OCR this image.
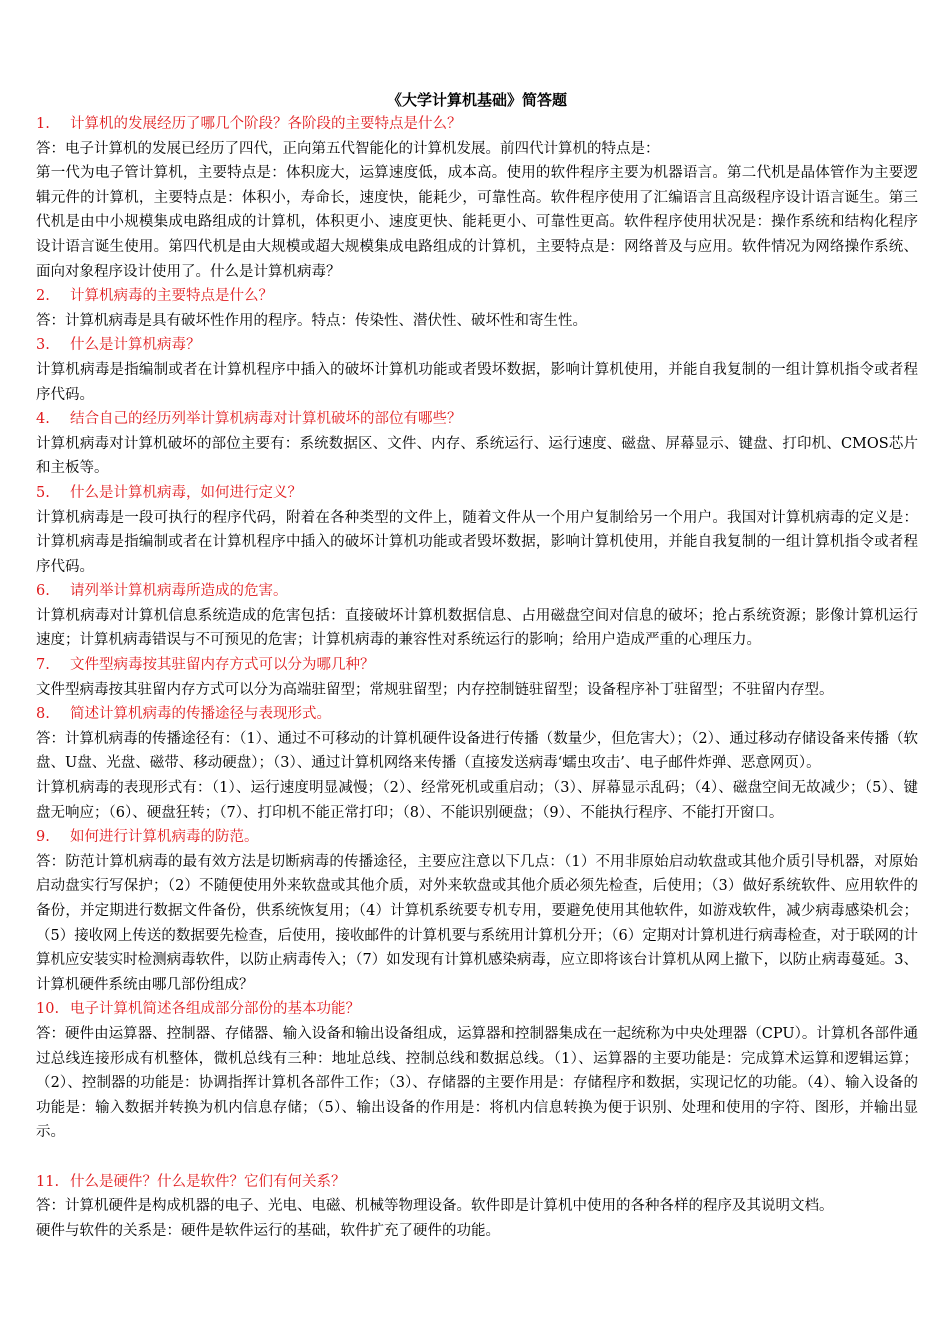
《大学计算机基础》简答题

1.	计算机的发展经历了哪几个阶段？各阶段的主要特点是什么？

答：电子计算机的发展已经历了四代，正向第五代智能化的计算机发展。前四代计算机的特点是：

第一代为电子管计算机，主要特点是：体积庞大，运算速度低，成本高。使用的软件程序主要为机器语言。第二代机是晶体管作为主要逻辑元件的计算机，主要特点是：体积小，寿命长，速度快，能耗少，可靠性高。软件程序使用了汇编语言且高级程序设计语言诞生。第三代机是由中小规模集成电路组成的计算机，体积更小、速度更快、能耗更小、可靠性更高。软件程序使用状况是：操作系统和结构化程序设计语言诞生使用。第四代机是由大规模或超大规模集成电路组成的计算机，主要特点是：网络普及与应用。软件情况为网络操作系统、面向对象程序设计使用了。什么是计算机病毒？

2.	计算机病毒的主要特点是什么？

答：计算机病毒是具有破坏性作用的程序。特点：传染性、潜伏性、破坏性和寄生性。

3.	什么是计算机病毒？

计算机病毒是指编制或者在计算机程序中插入的破坏计算机功能或者毁坏数据，影响计算机使用，并能自我复制的一组计算机指令或者程序代码。

4.	结合自己的经历列举计算机病毒对计算机破坏的部位有哪些？

计算机病毒对计算机破坏的部位主要有：系统数据区、文件、内存、系统运行、运行速度、磁盘、屏幕显示、键盘、打印机、CMOS芯片和主板等。

5.	什么是计算机病毒，如何进行定义？

计算机病毒是一段可执行的程序代码，附着在各种类型的文件上，随着文件从一个用户复制给另一个用户。我国对计算机病毒的定义是：计算机病毒是指编制或者在计算机程序中插入的破坏计算机功能或者毁坏数据，影响计算机使用，并能自我复制的一组计算机指令或者程序代码。

6.	请列举计算机病毒所造成的危害。

计算机病毒对计算机信息系统造成的危害包括：直接破坏计算机数据信息、占用磁盘空间对信息的破坏；抢占系统资源；影像计算机运行速度；计算机病毒错误与不可预见的危害；计算机病毒的兼容性对系统运行的影响；给用户造成严重的心理压力。

7.	文件型病毒按其驻留内存方式可以分为哪几种？

文件型病毒按其驻留内存方式可以分为高端驻留型；常规驻留型；内存控制链驻留型；设备程序补丁驻留型；不驻留内存型。

8.	简述计算机病毒的传播途径与表现形式。

答：计算机病毒的传播途径有：（1）、通过不可移动的计算机硬件设备进行传播（数量少，但危害大）；（2）、通过移动存储设备来传播（软盘、U盘、光盘、磁带、移动硬盘）；（3）、通过计算机网络来传播（直接发送病毒‘蠕虫攻击’、电子邮件炸弹、恶意网页）。

计算机病毒的表现形式有：（1）、运行速度明显减慢；（2）、经常死机或重启动；（3）、屏幕显示乱码；（4）、磁盘空间无故减少；（5）、键盘无响应；（6）、硬盘狂转；（7）、打印机不能正常打印；（8）、不能识别硬盘；（9）、不能执行程序、不能打开窗口。

9.	如何进行计算机病毒的防范。

答：防范计算机病毒的最有效方法是切断病毒的传播途径，主要应注意以下几点：（1）不用非原始启动软盘或其他介质引导机器，对原始启动盘实行写保护；（2）不随便使用外来软盘或其他介质，对外来软盘或其他介质必须先检查，后使用；（3）做好系统软件、应用软件的备份，并定期进行数据文件备份，供系统恢复用；（4）计算机系统要专机专用，要避免使用其他软件，如游戏软件，减少病毒感染机会；（5）接收网上传送的数据要先检查，后使用，接收邮件的计算机要与系统用计算机分开；（6）定期对计算机进行病毒检查，对于联网的计算机应安装实时检测病毒软件，以防止病毒传入；（7）如发现有计算机感染病毒，应立即将该台计算机从网上撤下，以防止病毒蔓延。3、计算机硬件系统由哪几部份组成？

10. 电子计算机简述各组成部分部份的基本功能？

答：硬件由运算器、控制器、存储器、输入设备和输出设备组成，运算器和控制器集成在一起统称为中央处理器（CPU）。计算机各部件通过总线连接形成有机整体，微机总线有三种：地址总线、控制总线和数据总线。（1）、运算器的主要功能是：完成算术运算和逻辑运算；（2）、控制器的功能是：协调指挥计算机各部件工作；（3）、存储器的主要作用是：存储程序和数据，实现记忆的功能。（4）、输入设备的功能是：输入数据并转换为机内信息存储；（5）、输出设备的作用是：将机内信息转换为便于识别、处理和使用的字符、图形，并输出显示。

11. 什么是硬件？什么是软件？它们有何关系？

答：计算机硬件是构成机器的电子、光电、电磁、机械等物理设备。软件即是计算机中使用的各种各样的程序及其说明文档。

硬件与软件的关系是：硬件是软件运行的基础，软件扩充了硬件的功能。
